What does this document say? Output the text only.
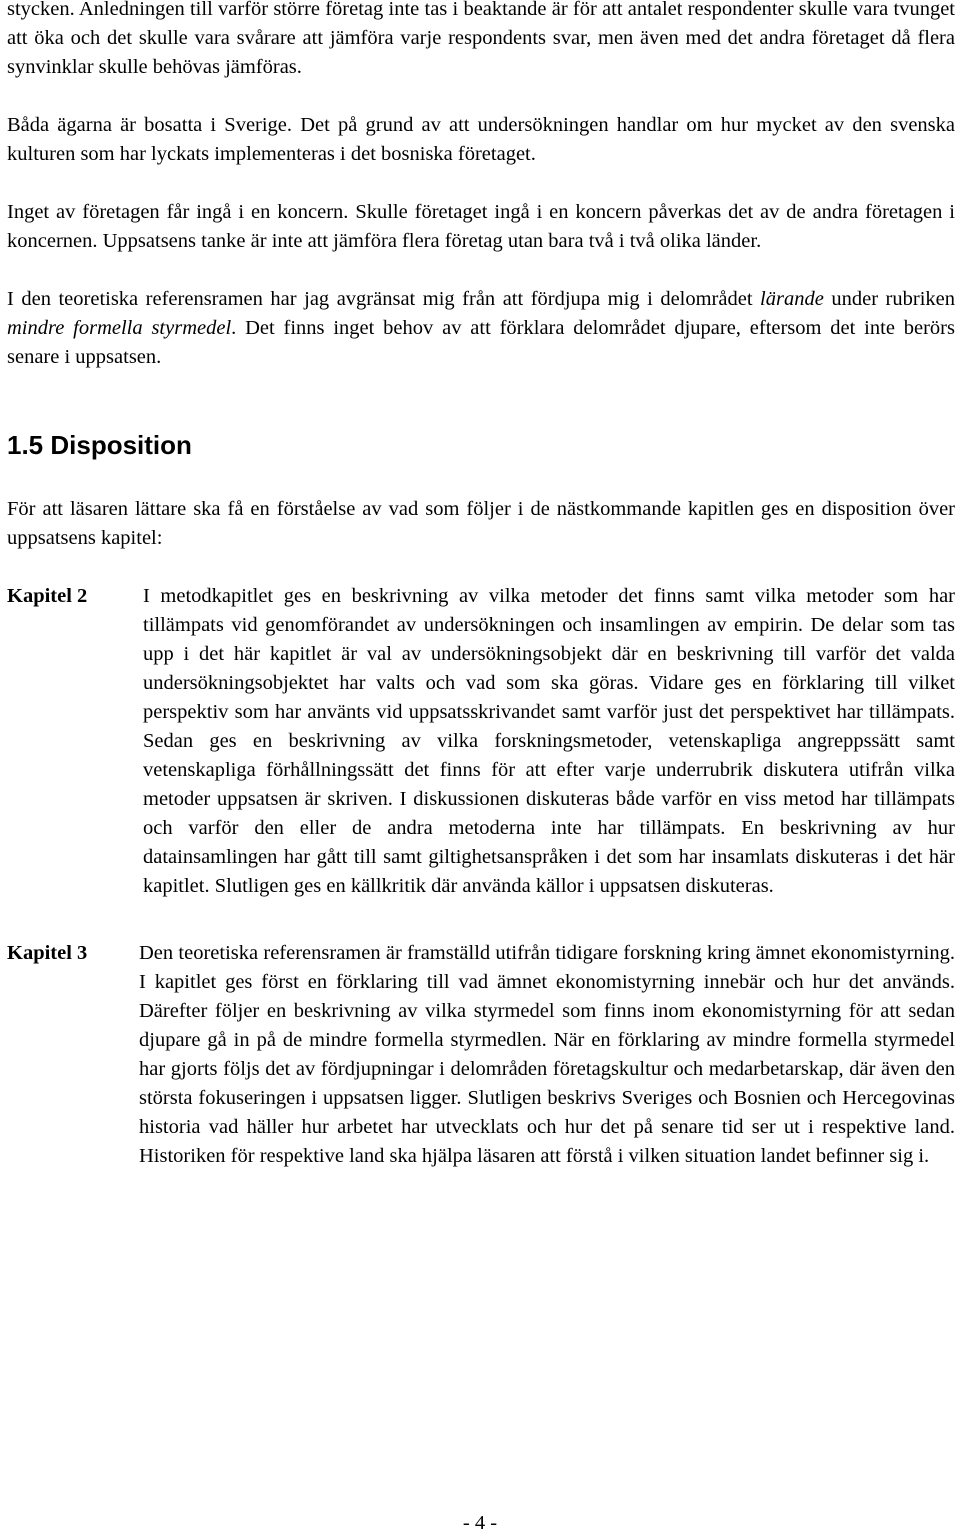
stycken. Anledningen till varför större företag inte tas i beaktande är för att antalet respondenter skulle vara tvunget att öka och det skulle vara svårare att jämföra varje respondents svar, men även med det andra företaget då flera synvinklar skulle behövas jämföras.

Båda ägarna är bosatta i Sverige. Det på grund av att undersökningen handlar om hur mycket av den svenska kulturen som har lyckats implementeras i det bosniska företaget.

Inget av företagen får ingå i en koncern. Skulle företaget ingå i en koncern påverkas det av de andra företagen i koncernen. Uppsatsens tanke är inte att jämföra flera företag utan bara två i två olika länder.

I den teoretiska referensramen har jag avgränsat mig från att fördjupa mig i delområdet lärande under rubriken mindre formella styrmedel. Det finns inget behov av att förklara delområdet djupare, eftersom det inte berörs senare i uppsatsen.

1.5 Disposition

För att läsaren lättare ska få en förståelse av vad som följer i de nästkommande kapitlen ges en disposition över uppsatsens kapitel:

Kapitel 2	I metodkapitlet ges en beskrivning av vilka metoder det finns samt vilka metoder som har tillämpats vid genomförandet av undersökningen och insamlingen av empirin. De delar som tas upp i det här kapitlet är val av undersökningsobjekt där en beskrivning till varför det valda undersökningsobjektet har valts och vad som ska göras. Vidare ges en förklaring till vilket perspektiv som har använts vid uppsatsskrivandet samt varför just det perspektivet har tillämpats. Sedan ges en beskrivning av vilka forskningsmetoder, vetenskapliga angreppssätt samt vetenskapliga förhållningssätt det finns för att efter varje underrubrik diskutera utifrån vilka metoder uppsatsen är skriven. I diskussionen diskuteras både varför en viss metod har tillämpats och varför den eller de andra metoderna inte har tillämpats. En beskrivning av hur datainsamlingen har gått till samt giltighetsanspråken i det som har insamlats diskuteras i det här kapitlet. Slutligen ges en källkritik där använda källor i uppsatsen diskuteras.

Kapitel 3	Den teoretiska referensramen är framställd utifrån tidigare forskning kring ämnet ekonomistyrning. I kapitlet ges först en förklaring till vad ämnet ekonomistyrning innebär och hur det används. Därefter följer en beskrivning av vilka styrmedel som finns inom ekonomistyrning för att sedan djupare gå in på de mindre formella styrmedlen. När en förklaring av mindre formella styrmedel har gjorts följs det av fördjupningar i delområden företagskultur och medarbetarskap, där även den största fokuseringen i uppsatsen ligger. Slutligen beskrivs Sveriges och Bosnien och Hercegovinas historia vad häller hur arbetet har utvecklats och hur det på senare tid ser ut i respektive land. Historiken för respektive land ska hjälpa läsaren att förstå i vilken situation landet befinner sig i.

- 4 -
